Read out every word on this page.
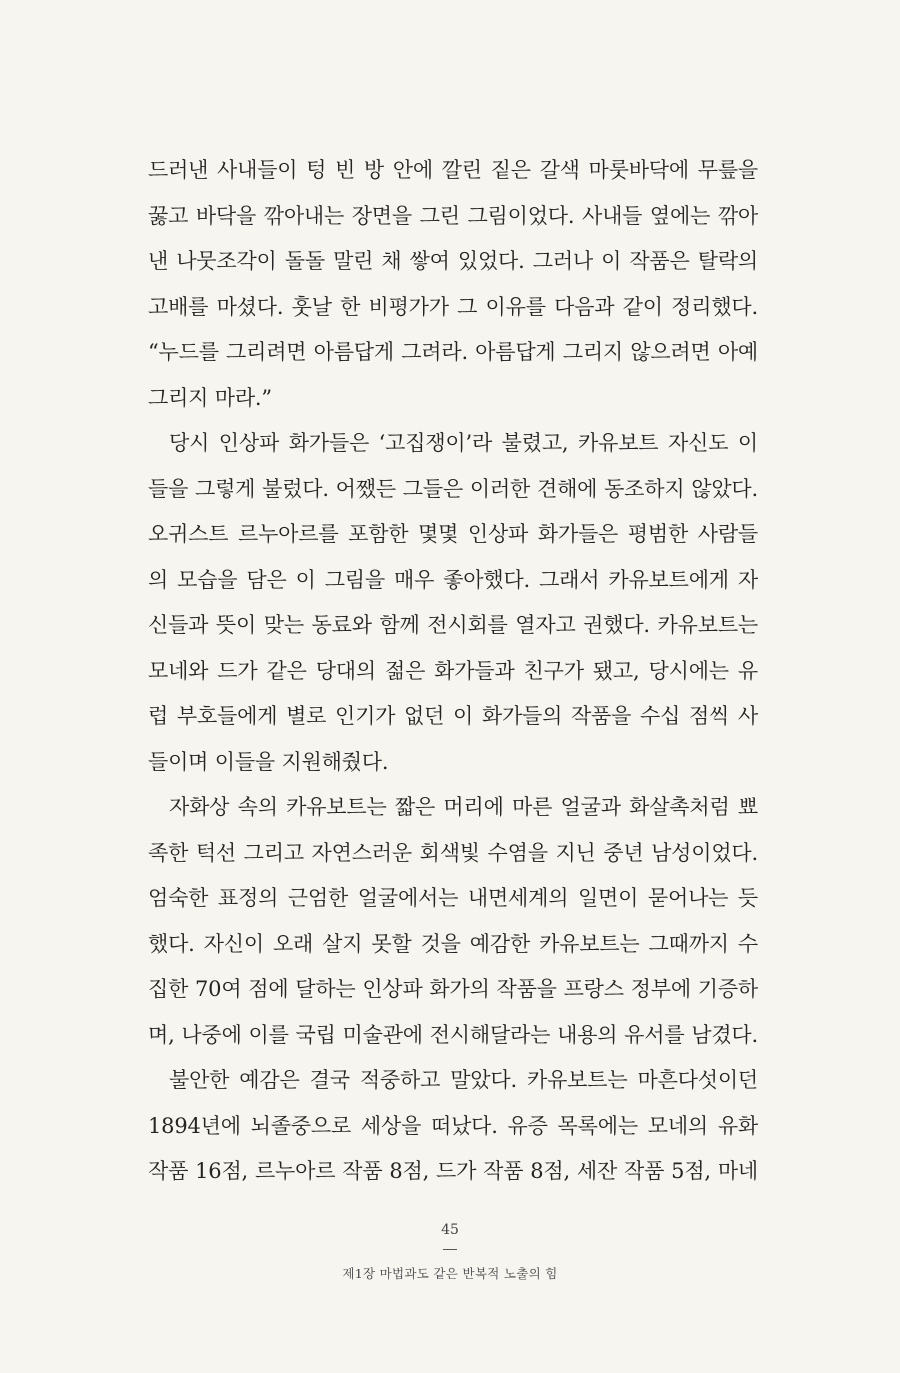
드러낸 사내들이 텅 빈 방 안에 깔린 짙은 갈색 마룻바닥에 무릎을
꿇고 바닥을 깎아내는 장면을 그린 그림이었다. 사내들 옆에는 깎아
낸 나뭇조각이 돌돌 말린 채 쌓여 있었다. 그러나 이 작품은 탈락의
고배를 마셨다. 훗날 한 비평가가 그 이유를 다음과 같이 정리했다.
“누드를 그리려면 아름답게 그려라. 아름답게 그리지 않으려면 아예
그리지 마라.”
당시 인상파 화가들은 ‘고집쟁이’라 불렸고, 카유보트 자신도 이
들을 그렇게 불렀다. 어쨌든 그들은 이러한 견해에 동조하지 않았다.
오귀스트 르누아르를 포함한 몇몇 인상파 화가들은 평범한 사람들
의 모습을 담은 이 그림을 매우 좋아했다. 그래서 카유보트에게 자
신들과 뜻이 맞는 동료와 함께 전시회를 열자고 권했다. 카유보트는
모네와 드가 같은 당대의 젊은 화가들과 친구가 됐고, 당시에는 유
럽 부호들에게 별로 인기가 없던 이 화가들의 작품을 수십 점씩 사
들이며 이들을 지원해줬다.
자화상 속의 카유보트는 짧은 머리에 마른 얼굴과 화살촉처럼 뾰
족한 턱선 그리고 자연스러운 회색빛 수염을 지닌 중년 남성이었다.
엄숙한 표정의 근엄한 얼굴에서는 내면세계의 일면이 묻어나는 듯
했다. 자신이 오래 살지 못할 것을 예감한 카유보트는 그때까지 수
집한 70여 점에 달하는 인상파 화가의 작품을 프랑스 정부에 기증하
며, 나중에 이를 국립 미술관에 전시해달라는 내용의 유서를 남겼다.
불안한 예감은 결국 적중하고 말았다. 카유보트는 마흔다섯이던
1894년에 뇌졸중으로 세상을 떠났다. 유증 목록에는 모네의 유화
작품 16점, 르누아르 작품 8점, 드가 작품 8점, 세잔 작품 5점, 마네
45
제1장 마법과도 같은 반복적 노출의 힘
